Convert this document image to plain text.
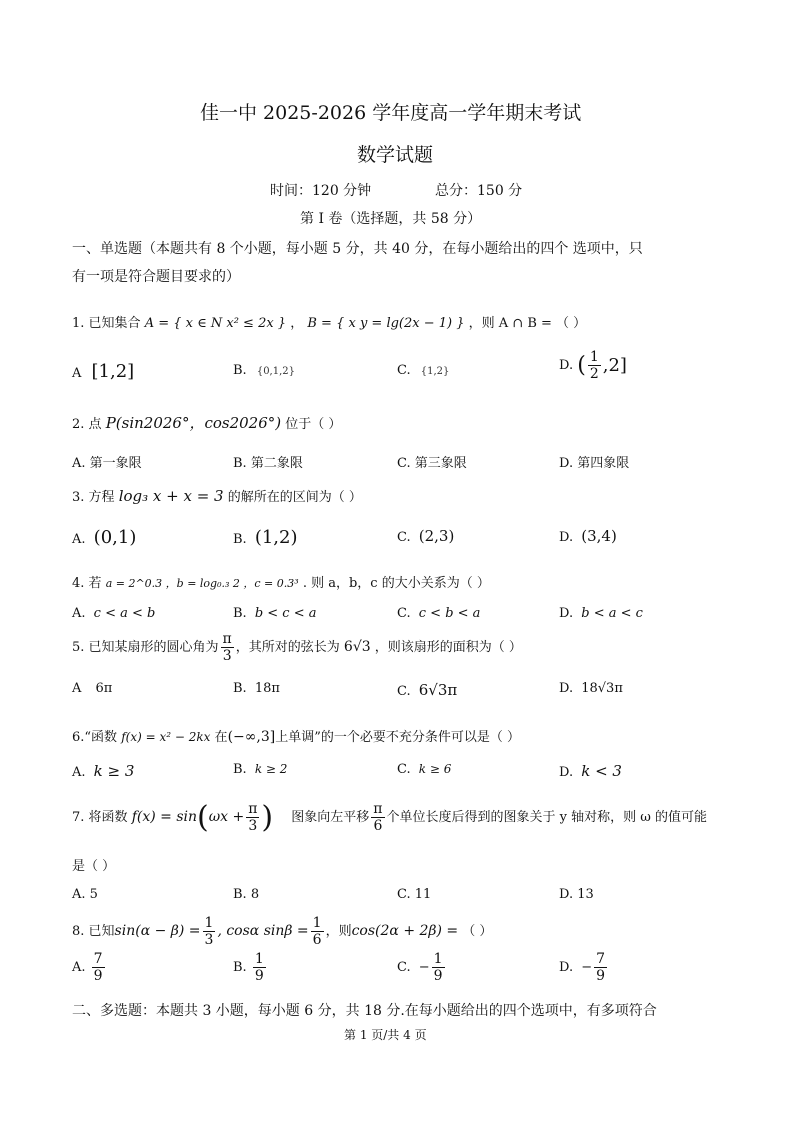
佳一中 2025-2026 学年度高一学年期末考试
数学试题
时间：120 分钟	总分：150 分
第 I 卷（选择题，共 58 分）
一、单选题（本题共有 8 个小题，每小题 5 分，共 40 分，在每小题给出的四个 选项中，只
有一项是符合题目要求的）
1. 已知集合 A = { x ∈ N x² ≤ 2x } ， B = { x y = lg(2x − 1) } ，则 A ∩ B = （ ）
A [1,2]	B. {0,1,2}	C. {1,2}	D. ( $\frac{1}{2} ,2$]
2. 点 P(sin2026°，cos2026°) 位于（ ）
A. 第一象限	B. 第二象限	C. 第三象限	D. 第四象限
3. 方程 log₃ x + x = 3 的解所在的区间为（ ）
A. (0,1)	B. (1,2)	C. (2,3)	D. (3,4)
4. 若 a = 2^0.3 ，b = log₀.₃ 2 ，c = 0.3³ . 则 a，b，c 的大小关系为（ ）
A. c < a < b	B. b < c < a	C. c < b < a	D. b < a < c
5. 已知某扇形的圆心角为 $\frac{\pi}{3}$ ，其所对的弦长为 6√3 ，则该扇形的面积为（ ）
A 6π	B. 18π	C. 6√3π	D. 18√3π
6.“函数 f(x) = x² − 2kx 在(−∞,3]上单调”的一个必要不充分条件可以是（ ）
A. k ≥ 3	B. k ≥ 2	C. k ≥ 6	D. k < 3
7. 将函数 $f(x) = \sin(\omega x + \frac{\pi}{3}$ ) 图象向左平移 $\frac{\pi}{6}$ 个单位长度后得到的图象关于 y 轴对称，则 ω 的值可能
是（ ）
A. 5	B. 8	C. 11	D. 13
8. 已知$\sin(\alpha - \beta) = \frac{1}{3}$ , cosα $\sin\beta = \frac{1}{6}$ ，则cos(2α + 2β) = （ ）
A. $\frac{7}{9}$	B. $\frac{1}{9}$	C. − $\frac{1}{9}$	D. − $\frac{7}{9}$
二、多选题：本题共 3 小题，每小题 6 分，共 18 分.在每小题给出的四个选项中，有多项符合
第 1 页/共 4 页
